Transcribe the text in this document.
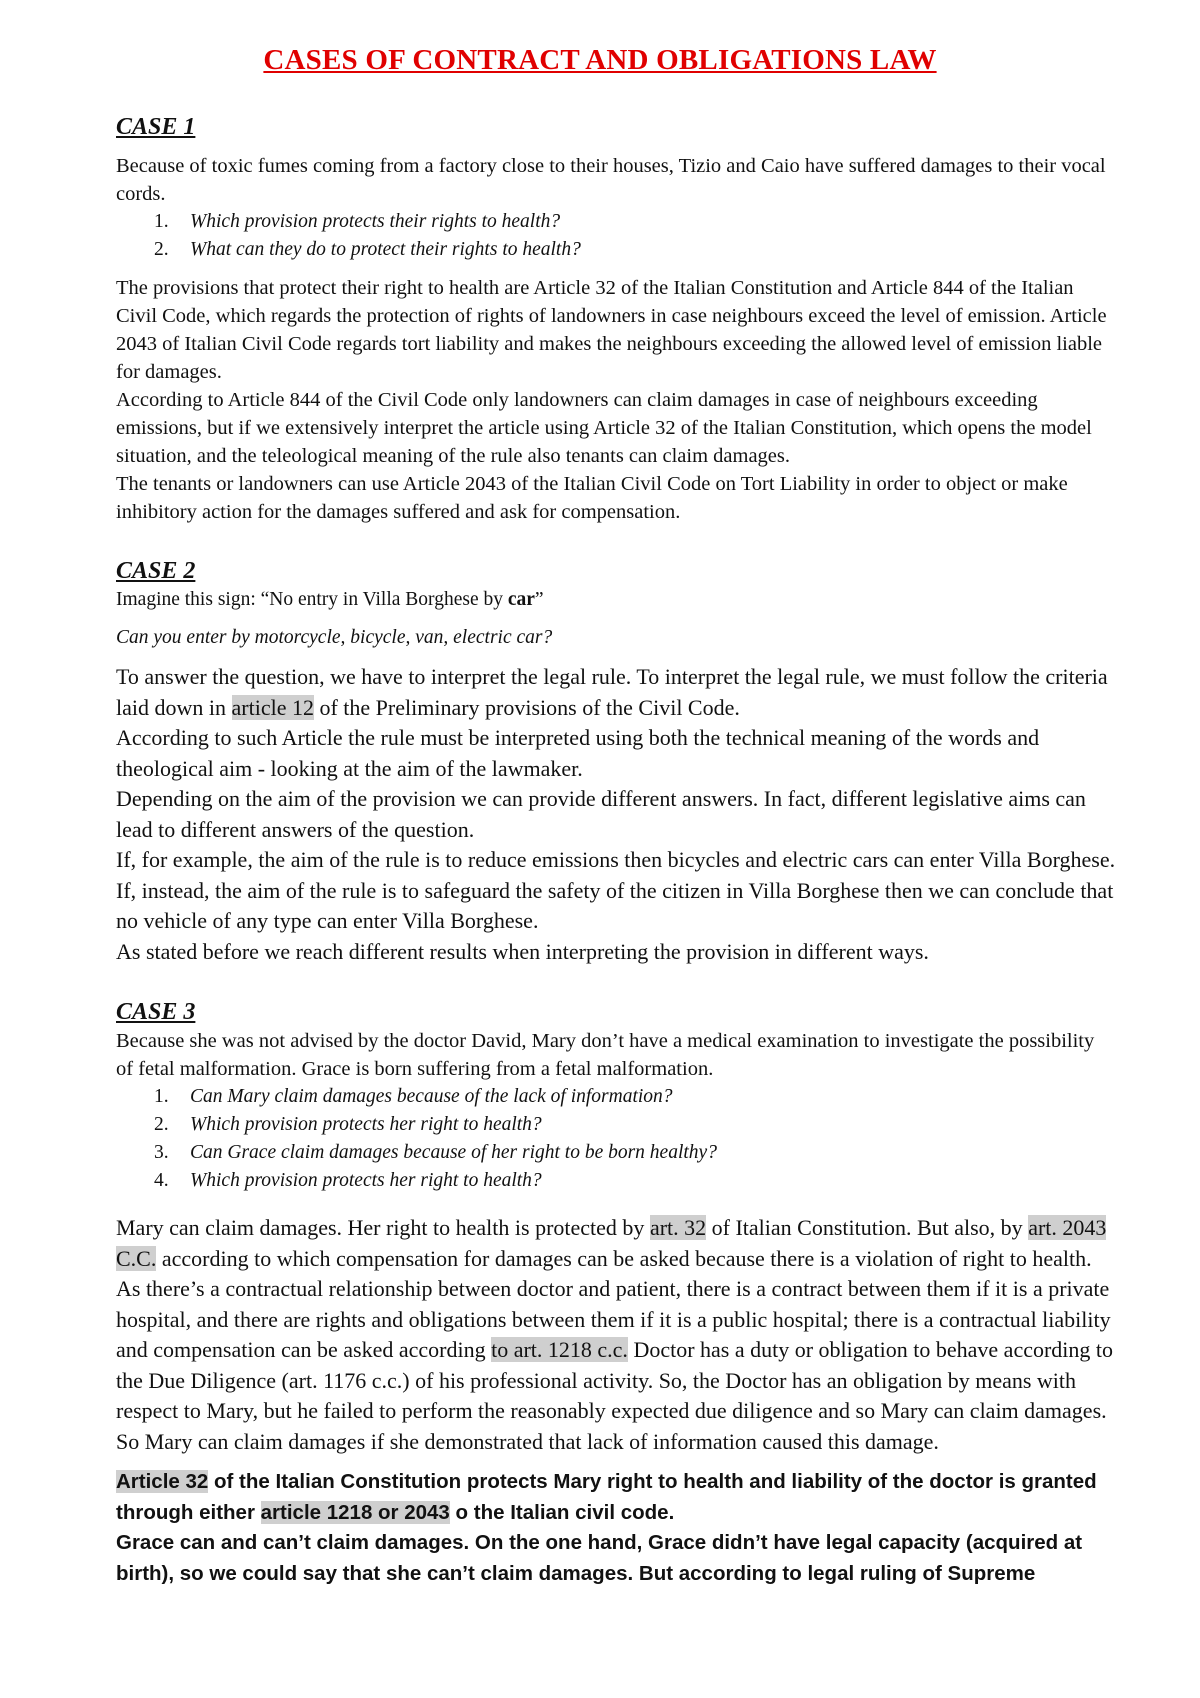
CASES OF CONTRACT AND OBLIGATIONS LAW
CASE 1

Because of toxic fumes coming from a factory close to their houses, Tizio and Caio have suffered damages to their vocal cords.

1. Which provision protects their rights to health?
2. What can they do to protect their rights to health?

The provisions that protect their right to health are Article 32 of the Italian Constitution and Article 844 of the Italian Civil Code, which regards the protection of rights of landowners in case neighbours exceed the level of emission. Article 2043 of Italian Civil Code regards tort liability and makes the neighbours exceeding the allowed level of emission liable for damages.

According to Article 844 of the Civil Code only landowners can claim damages in case of neighbours exceeding emissions, but if we extensively interpret the article using Article 32 of the Italian Constitution, which opens the model situation, and the teleological meaning of the rule also tenants can claim damages.

The tenants or landowners can use Article 2043 of the Italian Civil Code on Tort Liability in order to object or make inhibitory action for the damages suffered and ask for compensation.

CASE 2

Imagine this sign: “No entry in Villa Borghese by car”

Can you enter by motorcycle, bicycle, van, electric car?

To answer the question, we have to interpret the legal rule. To interpret the legal rule, we must follow the criteria laid down in article 12 of the Preliminary provisions of the Civil Code.

According to such Article the rule must be interpreted using both the technical meaning of the words and theological aim - looking at the aim of the lawmaker.

Depending on the aim of the provision we can provide different answers. In fact, different legislative aims can lead to different answers of the question.

If, for example, the aim of the rule is to reduce emissions then bicycles and electric cars can enter Villa Borghese. If, instead, the aim of the rule is to safeguard the safety of the citizen in Villa Borghese then we can conclude that no vehicle of any type can enter Villa Borghese.

As stated before we reach different results when interpreting the provision in different ways.

CASE 3

Because she was not advised by the doctor David, Mary don’t have a medical examination to investigate the possibility of fetal malformation. Grace is born suffering from a fetal malformation.

1. Can Mary claim damages because of the lack of information?
2. Which provision protects her right to health?
3. Can Grace claim damages because of her right to be born healthy?
4. Which provision protects her right to health?

Mary can claim damages. Her right to health is protected by art. 32 of Italian Constitution. But also, by art. 2043 C.C. according to which compensation for damages can be asked because there is a violation of right to health. As there’s a contractual relationship between doctor and patient, there is a contract between them if it is a private hospital, and there are rights and obligations between them if it is a public hospital; there is a contractual liability and compensation can be asked according to art. 1218 c.c. Doctor has a duty or obligation to behave according to the Due Diligence (art. 1176 c.c.) of his professional activity. So, the Doctor has an obligation by means with respect to Mary, but he failed to perform the reasonably expected due diligence and so Mary can claim damages.

So Mary can claim damages if she demonstrated that lack of information caused this damage.

Article 32 of the Italian Constitution protects Mary right to health and liability of the doctor is granted through either article 1218 or 2043 o the Italian civil code.

Grace can and can’t claim damages. On the one hand, Grace didn’t have legal capacity (acquired at birth), so we could say that she can’t claim damages. But according to legal ruling of Supreme
